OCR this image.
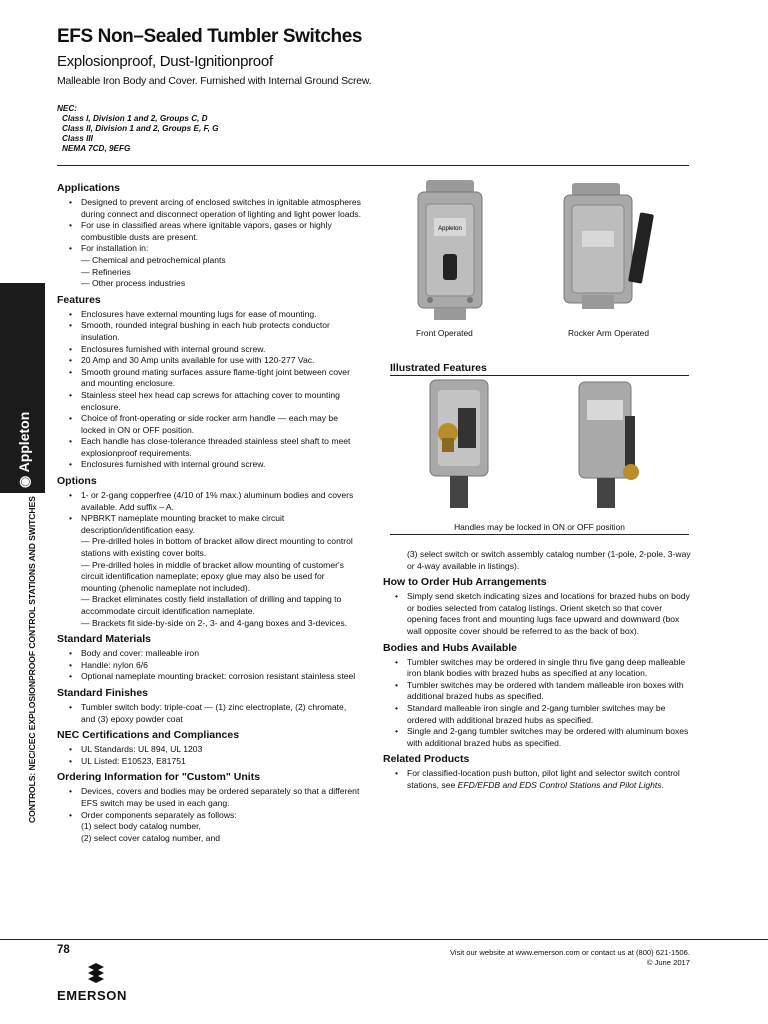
EFS Non–Sealed Tumbler Switches
Explosionproof, Dust-Ignitionproof
Malleable Iron Body and Cover. Furnished with Internal Ground Screw.
NEC:
Class I, Division 1 and 2, Groups C, D
Class II, Division 1 and 2, Groups E, F, G
Class III
NEMA 7CD, 9EFG
◉ Appleton
CONTROLS: NEC/CEC EXPLOSIONPROOF CONTROL STATIONS AND SWITCHES
Applications
• Designed to prevent arcing of enclosed switches in ignitable atmospheres during connect and disconnect operation of lighting and light power loads.
• For use in classified areas where ignitable vapors, gases or highly combustible dusts are present.
• For installation in:
— Chemical and petrochemical plants
— Refineries
— Other process industries
Features
• Enclosures have external mounting lugs for ease of mounting.
• Smooth, rounded integral bushing in each hub protects conductor insulation.
• Enclosures furnished with internal ground screw.
• 20 Amp and 30 Amp units available for use with 120-277 Vac.
• Smooth ground mating surfaces assure flame-tight joint between cover and mounting enclosure.
• Stainless steel hex head cap screws for attaching cover to mounting enclosure.
• Choice of front-operating or side rocker arm handle — each may be locked in ON or OFF position.
• Each handle has close-tolerance threaded stainless steel shaft to meet explosionproof requirements.
• Enclosures furnished with internal ground screw.
Options
• 1- or 2-gang copperfree (4/10 of 1% max.) aluminum bodies and covers available. Add suffix – A.
• NPBRKT nameplate mounting bracket to make circuit description/identification easy.
— Pre-drilled holes in bottom of bracket allow direct mounting to control stations with existing cover bolts.
— Pre-drilled holes in middle of bracket allow mounting of customer's circuit identification nameplate; epoxy glue may also be used for mounting (phenolic nameplate not included).
— Bracket eliminates costly field installation of drilling and tapping to accommodate circuit identification nameplate.
— Brackets fit side-by-side on 2-, 3- and 4-gang boxes and 3-devices.
Standard Materials
• Body and cover: malleable iron
• Handle: nylon 6/6
• Optional nameplate mounting bracket: corrosion resistant stainless steel
Standard Finishes
• Tumbler switch body: triple-coat — (1) zinc electroplate, (2) chromate, and (3) epoxy powder coat
NEC Certifications and Compliances
• UL Standards: UL 894, UL 1203
• UL Listed: E10523, E81751
Ordering Information for "Custom" Units
• Devices, covers and bodies may be ordered separately so that a different EFS switch may be used in each gang.
• Order components separately as follows:
(1) select body catalog number,
(2) select cover catalog number, and
Appleton
Front Operated	Rocker Arm Operated
Illustrated Features
Handles may be locked in ON or OFF position
(3) select switch or switch assembly catalog number (1-pole, 2-pole, 3-way or 4-way available in listings).
How to Order Hub Arrangements
• Simply send sketch indicating sizes and locations for brazed hubs on body or bodies selected from catalog listings. Orient sketch so that cover opening faces front and mounting lugs face upward and downward (box wall opposite cover should be referred to as the back of box).
Bodies and Hubs Available
• Tumbler switches may be ordered in single thru five gang deep malleable iron blank bodies with brazed hubs as specified at any location.
• Tumbler switches may be ordered with tandem malleable iron boxes with additional brazed hubs as specified.
• Standard malleable iron single and 2-gang tumbler switches may be ordered with additional brazed hubs as specified.
• Single and 2-gang tumbler switches may be ordered with aluminum boxes with additional brazed hubs as specified.
Related Products
• For classified-location push button, pilot light and selector switch control stations, see EFD/EFDB and EDS Control Stations and Pilot Lights.
78	Visit our website at www.emerson.com or contact us at (800) 621-1506.
© June 2017
EMERSON
